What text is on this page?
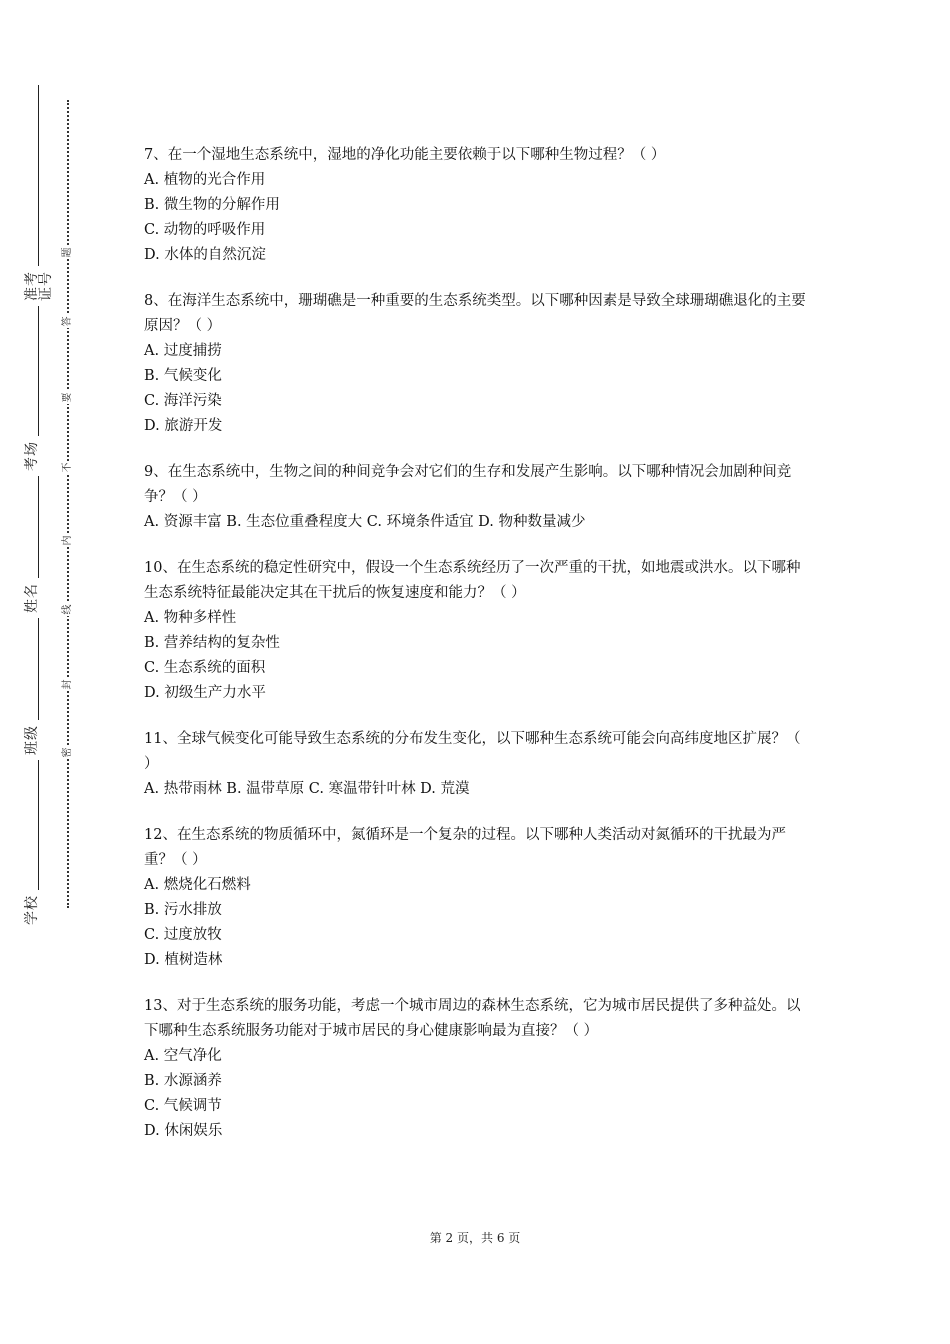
学校
班级
姓名
考场
准考证号
密
封
线
内
不
要
答
题

7、在一个湿地生态系统中，湿地的净化功能主要依赖于以下哪种生物过程？（ ）

A. 植物的光合作用

B. 微生物的分解作用

C. 动物的呼吸作用

D. 水体的自然沉淀

8、在海洋生态系统中，珊瑚礁是一种重要的生态系统类型。以下哪种因素是导致全球珊瑚礁退化的主要原因？（ ）

A. 过度捕捞

B. 气候变化

C. 海洋污染

D. 旅游开发

9、在生态系统中，生物之间的种间竞争会对它们的生存和发展产生影响。以下哪种情况会加剧种间竞争？（ ）

A. 资源丰富 B. 生态位重叠程度大 C. 环境条件适宜 D. 物种数量减少

10、在生态系统的稳定性研究中，假设一个生态系统经历了一次严重的干扰，如地震或洪水。以下哪种生态系统特征最能决定其在干扰后的恢复速度和能力？（ ）

A. 物种多样性

B. 营养结构的复杂性

C. 生态系统的面积

D. 初级生产力水平

11、全球气候变化可能导致生态系统的分布发生变化，以下哪种生态系统可能会向高纬度地区扩展？（ ）

A. 热带雨林 B. 温带草原 C. 寒温带针叶林 D. 荒漠

12、在生态系统的物质循环中，氮循环是一个复杂的过程。以下哪种人类活动对氮循环的干扰最为严重？（ ）

A. 燃烧化石燃料

B. 污水排放

C. 过度放牧

D. 植树造林

13、对于生态系统的服务功能，考虑一个城市周边的森林生态系统，它为城市居民提供了多种益处。以下哪种生态系统服务功能对于城市居民的身心健康影响最为直接？（ ）

A. 空气净化

B. 水源涵养

C. 气候调节

D. 休闲娱乐

第 2 页，共 6 页
